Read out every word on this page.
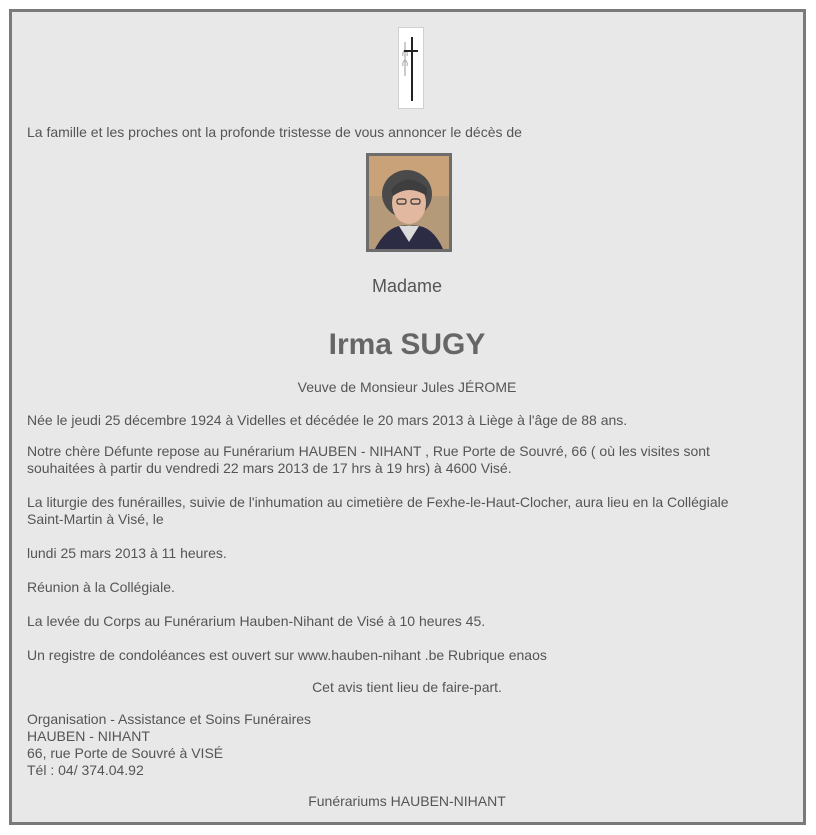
La famille et les proches ont la profonde tristesse de vous annoncer le décès de
Madame
Irma SUGY
Veuve de Monsieur Jules JÉROME
Née le jeudi 25 décembre 1924 à Videlles et décédée le 20 mars 2013 à Liège à l'âge de 88 ans.
Notre chère Défunte repose au Funérarium HAUBEN - NIHANT , Rue Porte de Souvré, 66 ( où les visites sont
souhaitées à partir du vendredi 22 mars 2013 de 17 hrs à 19 hrs) à 4600 Visé.
La liturgie des funérailles, suivie de l'inhumation au cimetière de Fexhe-le-Haut-Clocher, aura lieu en la Collégiale
Saint-Martin à Visé, le
lundi 25 mars 2013 à 11 heures.
Réunion à la Collégiale.
La levée du Corps au Funérarium Hauben-Nihant de Visé à 10 heures 45.
Un registre de condoléances est ouvert sur www.hauben-nihant .be Rubrique enaos
Cet avis tient lieu de faire-part.
Organisation - Assistance et Soins Funéraires
HAUBEN - NIHANT
66, rue Porte de Souvré à VISÉ
Tél : 04/ 374.04.92
Funérariums HAUBEN-NIHANT
